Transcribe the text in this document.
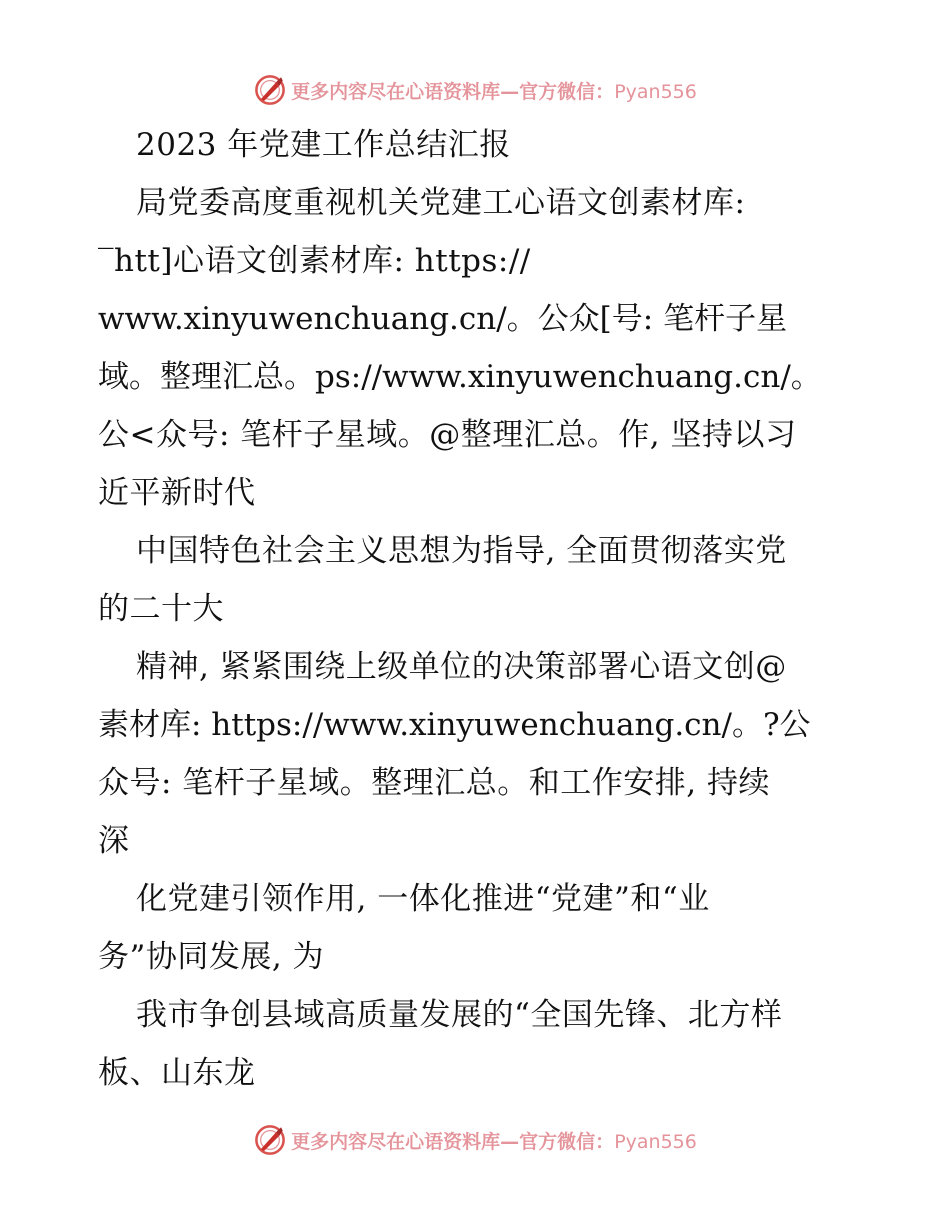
更多内容尽在心语资料库—官方微信：Pyan556
2023 年党建工作总结汇报
局党委高度重视机关党建工心语文创素材库:
‾htt]心语文创素材库: https://
www.xinyuwenchuang.cn/。公众[号: 笔杆子星
域。整理汇总。ps://www.xinyuwenchuang.cn/。
公<众号: 笔杆子星域。@整理汇总。作, 坚持以习
近平新时代
中国特色社会主义思想为指导, 全面贯彻落实党
的二十大
精神, 紧紧围绕上级单位的决策部署心语文创@
素材库: https://www.xinyuwenchuang.cn/。?公
众号: 笔杆子星域。整理汇总。和工作安排, 持续
深
化党建引领作用, 一体化推进“党建”和“业
务”协同发展, 为
我市争创县域高质量发展的“全国先锋、北方样
板、山东龙
更多内容尽在心语资料库—官方微信：Pyan556
